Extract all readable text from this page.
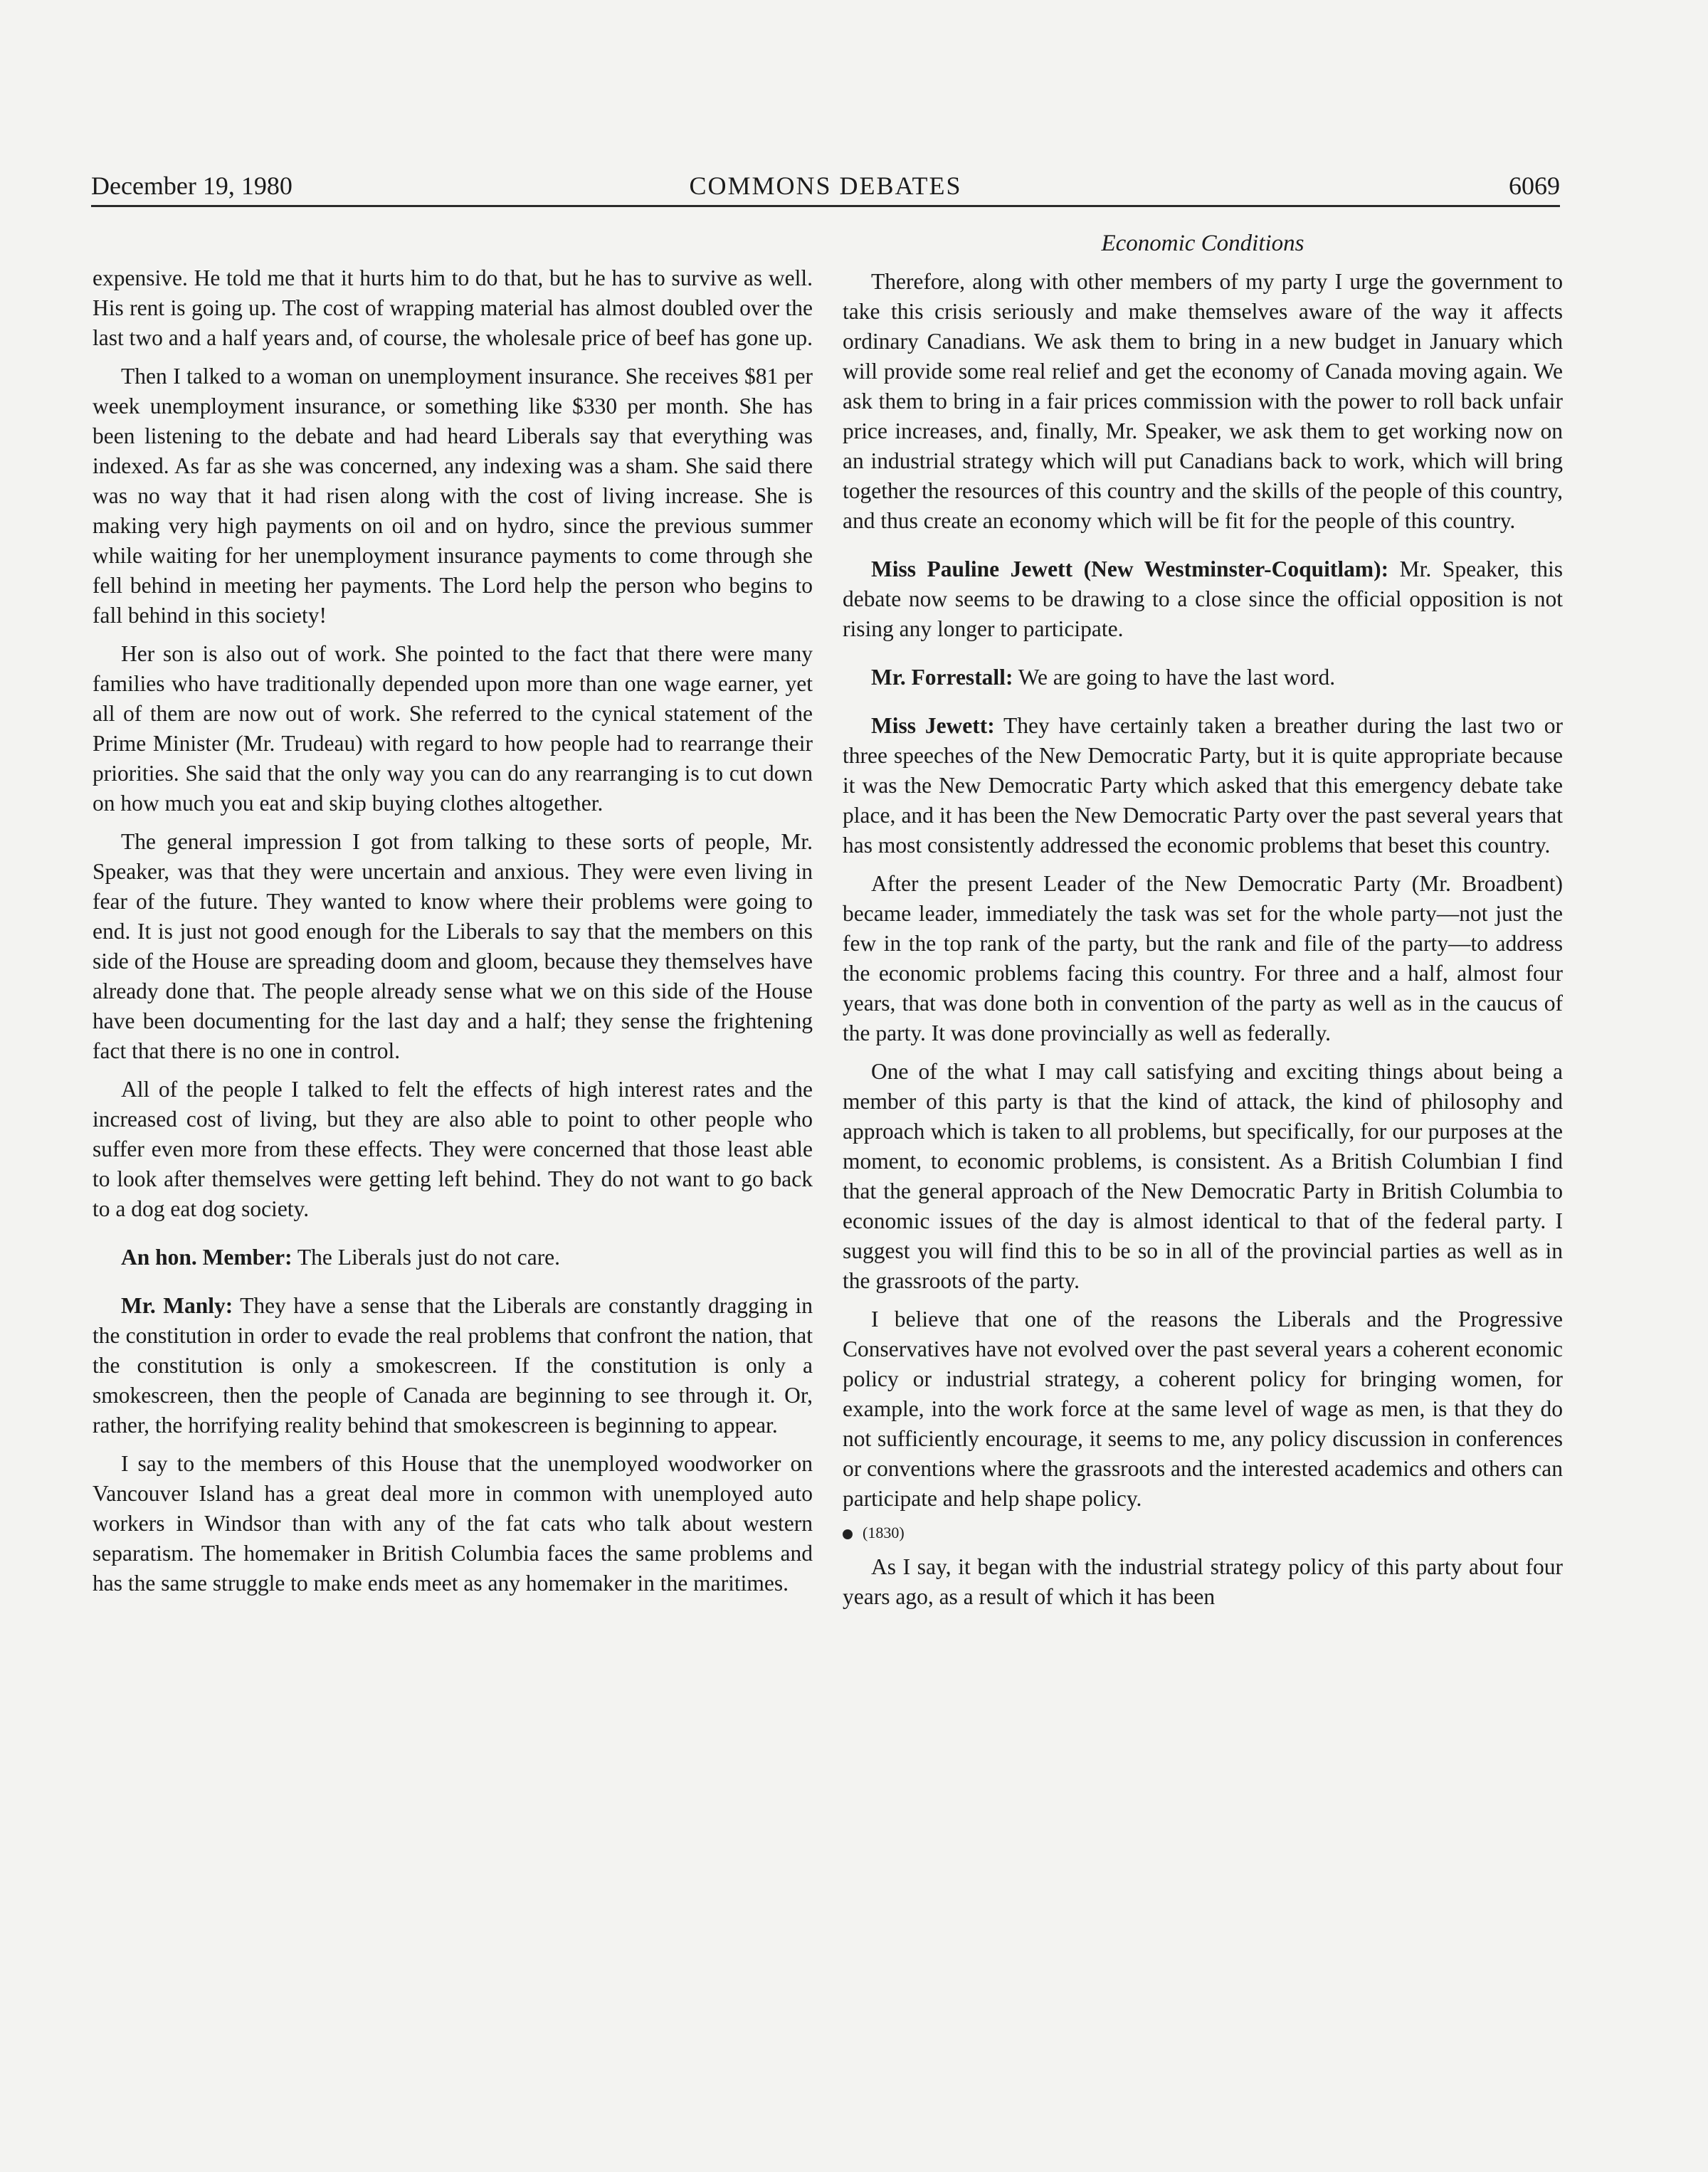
December 19, 1980	COMMONS DEBATES	6069

expensive. He told me that it hurts him to do that, but he has to survive as well. His rent is going up. The cost of wrapping material has almost doubled over the last two and a half years and, of course, the wholesale price of beef has gone up.

Then I talked to a woman on unemployment insurance. She receives $81 per week unemployment insurance, or something like $330 per month. She has been listening to the debate and had heard Liberals say that everything was indexed. As far as she was concerned, any indexing was a sham. She said there was no way that it had risen along with the cost of living increase. She is making very high payments on oil and on hydro, since the previous summer while waiting for her unemployment insurance payments to come through she fell behind in meeting her payments. The Lord help the person who begins to fall behind in this society!

Her son is also out of work. She pointed to the fact that there were many families who have traditionally depended upon more than one wage earner, yet all of them are now out of work. She referred to the cynical statement of the Prime Minister (Mr. Trudeau) with regard to how people had to rearrange their priorities. She said that the only way you can do any rearranging is to cut down on how much you eat and skip buying clothes altogether.

The general impression I got from talking to these sorts of people, Mr. Speaker, was that they were uncertain and anxious. They were even living in fear of the future. They wanted to know where their problems were going to end. It is just not good enough for the Liberals to say that the members on this side of the House are spreading doom and gloom, because they themselves have already done that. The people already sense what we on this side of the House have been documenting for the last day and a half; they sense the frightening fact that there is no one in control.

All of the people I talked to felt the effects of high interest rates and the increased cost of living, but they are also able to point to other people who suffer even more from these effects. They were concerned that those least able to look after themselves were getting left behind. They do not want to go back to a dog eat dog society.

An hon. Member: The Liberals just do not care.

Mr. Manly: They have a sense that the Liberals are constantly dragging in the constitution in order to evade the real problems that confront the nation, that the constitution is only a smokescreen. If the constitution is only a smokescreen, then the people of Canada are beginning to see through it. Or, rather, the horrifying reality behind that smokescreen is beginning to appear.

I say to the members of this House that the unemployed woodworker on Vancouver Island has a great deal more in common with unemployed auto workers in Windsor than with any of the fat cats who talk about western separatism. The homemaker in British Columbia faces the same problems and has the same struggle to make ends meet as any homemaker in the maritimes.

Economic Conditions

Therefore, along with other members of my party I urge the government to take this crisis seriously and make themselves aware of the way it affects ordinary Canadians. We ask them to bring in a new budget in January which will provide some real relief and get the economy of Canada moving again. We ask them to bring in a fair prices commission with the power to roll back unfair price increases, and, finally, Mr. Speaker, we ask them to get working now on an industrial strategy which will put Canadians back to work, which will bring together the resources of this country and the skills of the people of this country, and thus create an economy which will be fit for the people of this country.

Miss Pauline Jewett (New Westminster-Coquitlam): Mr. Speaker, this debate now seems to be drawing to a close since the official opposition is not rising any longer to participate.

Mr. Forrestall: We are going to have the last word.

Miss Jewett: They have certainly taken a breather during the last two or three speeches of the New Democratic Party, but it is quite appropriate because it was the New Democratic Party which asked that this emergency debate take place, and it has been the New Democratic Party over the past several years that has most consistently addressed the economic problems that beset this country.

After the present Leader of the New Democratic Party (Mr. Broadbent) became leader, immediately the task was set for the whole party—not just the few in the top rank of the party, but the rank and file of the party—to address the economic problems facing this country. For three and a half, almost four years, that was done both in convention of the party as well as in the caucus of the party. It was done provincially as well as federally.

One of the what I may call satisfying and exciting things about being a member of this party is that the kind of attack, the kind of philosophy and approach which is taken to all problems, but specifically, for our purposes at the moment, to economic problems, is consistent. As a British Columbian I find that the general approach of the New Democratic Party in British Columbia to economic issues of the day is almost identical to that of the federal party. I suggest you will find this to be so in all of the provincial parties as well as in the grassroots of the party.

I believe that one of the reasons the Liberals and the Progressive Conservatives have not evolved over the past several years a coherent economic policy or industrial strategy, a coherent policy for bringing women, for example, into the work force at the same level of wage as men, is that they do not sufficiently encourage, it seems to me, any policy discussion in conferences or conventions where the grassroots and the interested academics and others can participate and help shape policy.

(1830)

As I say, it began with the industrial strategy policy of this party about four years ago, as a result of which it has been
